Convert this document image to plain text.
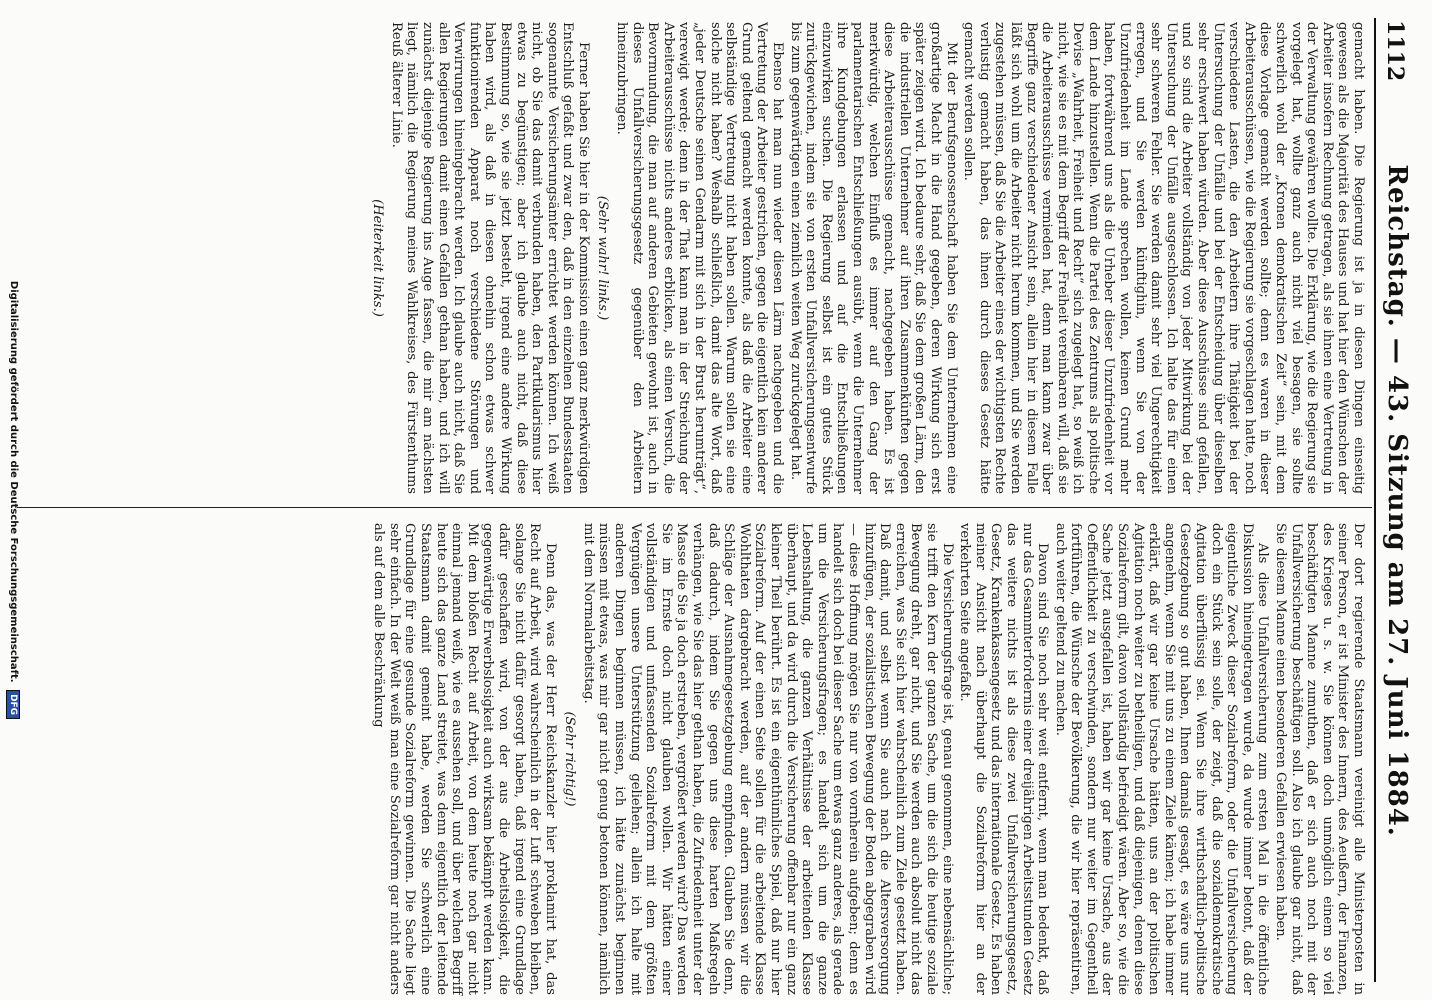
1112
Reichstag. — 43. Sitzung am 27. Juni 1884.

gemacht haben. Die Regierung ist ja in diesen Dingen einseitig gewesen als die Majorität des Hauses und hat hier den Wünschen der Arbeiter insofern Rechnung getragen, als sie ihnen eine Vertretung in der Verwaltung gewähren wollte. Die Erklärung, wie die Regierung sie vorgelegt hat, wollte ganz auch nicht viel besagen, sie sollte schwerlich wohl der „Kronen demokratischen Zeit“ sein, mit dem diese Vorlage gemacht werden sollte; denn es waren in dieser Arbeiterausschüssen, wie die Regierung sie vorgeschlagen hatte, noch verschiedene Lasten, die den Arbeitern ihre Thätigkeit bei der Untersuchung der Unfälle und bei der Entscheidung über dieselben sehr erschwert haben würden. Aber diese Ausschüsse sind gefallen, und so sind die Arbeiter vollständig von jeder Mitwirkung bei der Untersuchung der Unfälle ausgeschlossen. Ich halte das für einen sehr schweren Fehler. Sie werden damit sehr viel Ungerechtigkeit erregen, und Sie werden künftighin, wenn Sie von der Unzufriedenheit im Lande sprechen wollen, keinen Grund mehr haben, fortwährend uns als die Urheber dieser Unzufriedenheit vor dem Lande hinzustellen. Wenn die Partei des Zentrums als politische Devise „Wahrheit, Freiheit und Recht“ sich zugelegt hat, so weiß ich nicht, wie sie es mit dem Begriff der Freiheit vereinbaren will, daß sie die Arbeiterausschüsse vermieden hat, denn man kann zwar über Begriffe ganz verschiedener Ansicht sein, allein hier in diesem Falle läßt sich wohl um die Arbeiter nicht herum kommen, und Sie werden zugestehen müssen, daß Sie die Arbeiter eines der wichtigsten Rechte verlustig gemacht haben, das ihnen durch dieses Gesetz hätte gemacht werden sollen.

Mit der Berufsgenossenschaft haben Sie dem Unternehmen eine großartige Macht in die Hand gegeben, deren Wirkung sich erst später zeigen wird. Ich bedaure sehr, daß Sie dem großen Lärm, den die industriellen Unternehmer auf ihren Zusammenkünften gegen diese Arbeiterausschüsse gemacht, nachgegeben haben. Es ist merkwürdig, welchen Einfluß es immer auf den Gang der parlamentarischen Entschließungen ausübt, wenn die Unternehmer ihre Kundgebungen erlassen und auf die Entschließungen einzuwirken suchen. Die Regierung selbst ist ein gutes Stück zurückgewichen, indem sie von ersten Unfallversicherungsentwurfe bis zum gegenwärtigen einen ziemlich weiten Weg zurückgelegt hat.

Ebenso hat man nun wieder diesen Lärm nachgegeben und die Vertretung der Arbeiter gestrichen, gegen die eigentlich kein anderer Grund geltend gemacht werden konnte, als daß die Arbeiter eine selbständige Vertretung nicht haben sollen. Warum sollen sie eine solche nicht haben? Weshalb schließlich, damit das alte Wort, daß „jeder Deutsche seinen Gendarm mit sich in der Brust herumträgt“, verewigt werde; denn in der That kann man in der Streichung der Arbeiterausschüsse nichts anderes erblicken, als einen Versuch, die Bevormundung, die man auf anderen Gebieten gewohnt ist, auch in dieses Unfallversicherungsgesetz gegenüber den Arbeitern hineinzubringen.

(Sehr wahr! links.)

Ferner haben Sie hier in der Kommission einen ganz merkwürdigen Entschluß gefaßt und zwar den, daß in den einzelnen Bundesstaaten sogenannte Versicherungsämter errichtet werden können. Ich weiß nicht, ob Sie das damit verbunden haben, den Partikularismus hier etwas zu begünstigen; aber ich glaube auch nicht, daß diese Bestimmung so, wie sie jetzt besteht, irgend eine andere Wirkung haben wird, als daß in diesen ohnehin schon etwas schwer funktionirenden Apparat noch verschiedene Störungen und Verwirrungen hineingebracht werden. Ich glaube auch nicht, daß Sie allen Regierungen damit einen Gefallen gethan haben, und ich will zunächst diejenige Regierung ins Auge fassen, die mir am nächsten liegt, nämlich die Regierung meines Wahlkreises, des Fürstenthums Reuß älterer Linie.

(Heiterkeit links.)

Der dort regierende Staatsmann vereinigt alle Ministerposten in seiner Person, er ist Minister des Innern, des Aeußern, der Finanzen, des Krieges u. s. w. Sie können doch unmöglich einem so viel beschäftigten Manne zumuthen, daß er sich auch noch mit der Unfallversicherung beschäftigen soll. Also ich glaube gar nicht, daß Sie diesem Manne einen besonderen Gefallen erwiesen haben.

Als diese Unfallversicherung zum ersten Mal in die öffentliche Diskussion hineingetragen wurde, da wurde immer betont, daß der eigentliche Zweck dieser Sozialreform, oder die Unfallversicherung doch ein Stück sein solle, der zeigt, daß die sozialdemokratische Agitation überflüssig sei. Wenn Sie ihre wirthschaftlich-politische Gesetzgebung so gut haben, Ihnen damals gesagt, es wäre uns nur angenehm, wenn Sie mit uns zu einem Ziele kämen; ich habe immer erklärt, daß wir gar keine Ursache hätten, uns an der politischen Agitation noch weiter zu betheiligen, und daß diejenigen, denen diese Sozialreform gilt, davon vollständig befriedigt wären. Aber so, wie die Sache jetzt ausgefallen ist, haben wir gar keine Ursache, aus der Oeffentlichkeit zu verschwinden, sondern nur weiter im Gegentheil fortführen, die Wünsche der Bevölkerung, die wir hier repräsentiren, auch weiter geltend zu machen.

Davon sind Sie noch sehr weit entfernt, wenn man bedenkt, daß nur das Gesammterfordernis einer dreijährigen Arbeitsstunden Gesetz das weitere nichts ist als diese zwei Unfallversicherungsgesetz, Gesetz, Krankenkassengesetz und das internationale Gesetz. Es haben meiner Ansicht nach überhaupt die Sozialreform hier an der verkehrten Seite angefaßt.

Die Versicherungsfrage ist, genau genommen, eine nebensächliche; sie trifft den Kern der ganzen Sache, um die sich die heutige soziale Bewegung dreht, gar nicht, und Sie werden auch absolut nicht das erreichen, was Sie sich hier wahrscheinlich zum Ziele gesetzt haben. Daß damit, und selbst wenn Sie auch nach die Altersversorgung hinzufügen, der sozialistischen Bewegung der Boden abgegraben wird — diese Hoffnung mögen Sie nur von vornherein aufgeben; denn es handelt sich doch bei dieser Sache um etwas ganz anderes, als gerade um die Versicherungsfragen; es handelt sich um die ganze Lebenshaltung, die ganzen Verhältnisse der arbeitenden Klasse überhaupt, und da wird durch die Versicherung offenbar nur ein ganz kleiner Theil berührt. Es ist ein eigenthümliches Spiel, daß nur hier Sozialreform. Auf der einen Seite sollen für die arbeitende Klasse Wohlthaten dargebracht werden, auf der andern müssen wir die Schläge der Ausnahmegesetzgebung empfinden. Glauben Sie denn, daß dadurch, indem Sie gegen uns diese harten Maßregeln verhängen, wie Sie das hier gethan haben, die Zufriedenheit unter der Masse die Sie ja doch erstreben, vergrößert werden wird? Das werden Sie im Ernste doch nicht glauben wollen. Wir hätten einer vollständigen und umfassenden Sozialreform mit dem größten Vergnügen unsere Unterstützung geliehen; allein ich halte mit anderen Dingen beginnen müssen, ich hätte zunächst beginnen müssen mit etwas, was mir gar nicht genug betonen können, nämlich mit dem Normalarbeitstag.

(Sehr richtig!)

Denn das, was der Herr Reichskanzler hier proklamirt hat, das Recht auf Arbeit, wird wahrscheinlich in der Luft schweben bleiben, solange Sie nicht dafür gesorgt haben, daß irgend eine Grundlage dafür geschaffen wird, von der aus die Arbeitslosigkeit, die gegenwärtige Erwerbslosigkeit auch wirksam bekämpft werden kann. Mit dem bloßen Recht auf Arbeit, von dem heute noch gar nicht einmal jemand weiß, wie es aussehen soll, und über welchen Begriff heute sich das ganze Land streitet, was denn eigentlich der leitende Staatsmann damit gemeint habe, werden Sie schwerlich eine Grundlage für eine gesunde Sozialreform gewinnen. Die Sache liegt sehr einfach. In der Welt weiß man eine Sozialreform gar nicht anders als auf dem alle Beschränkung

Digitalisierung gefördert durch die Deutsche Forschungsgemeinschaft. DFG
